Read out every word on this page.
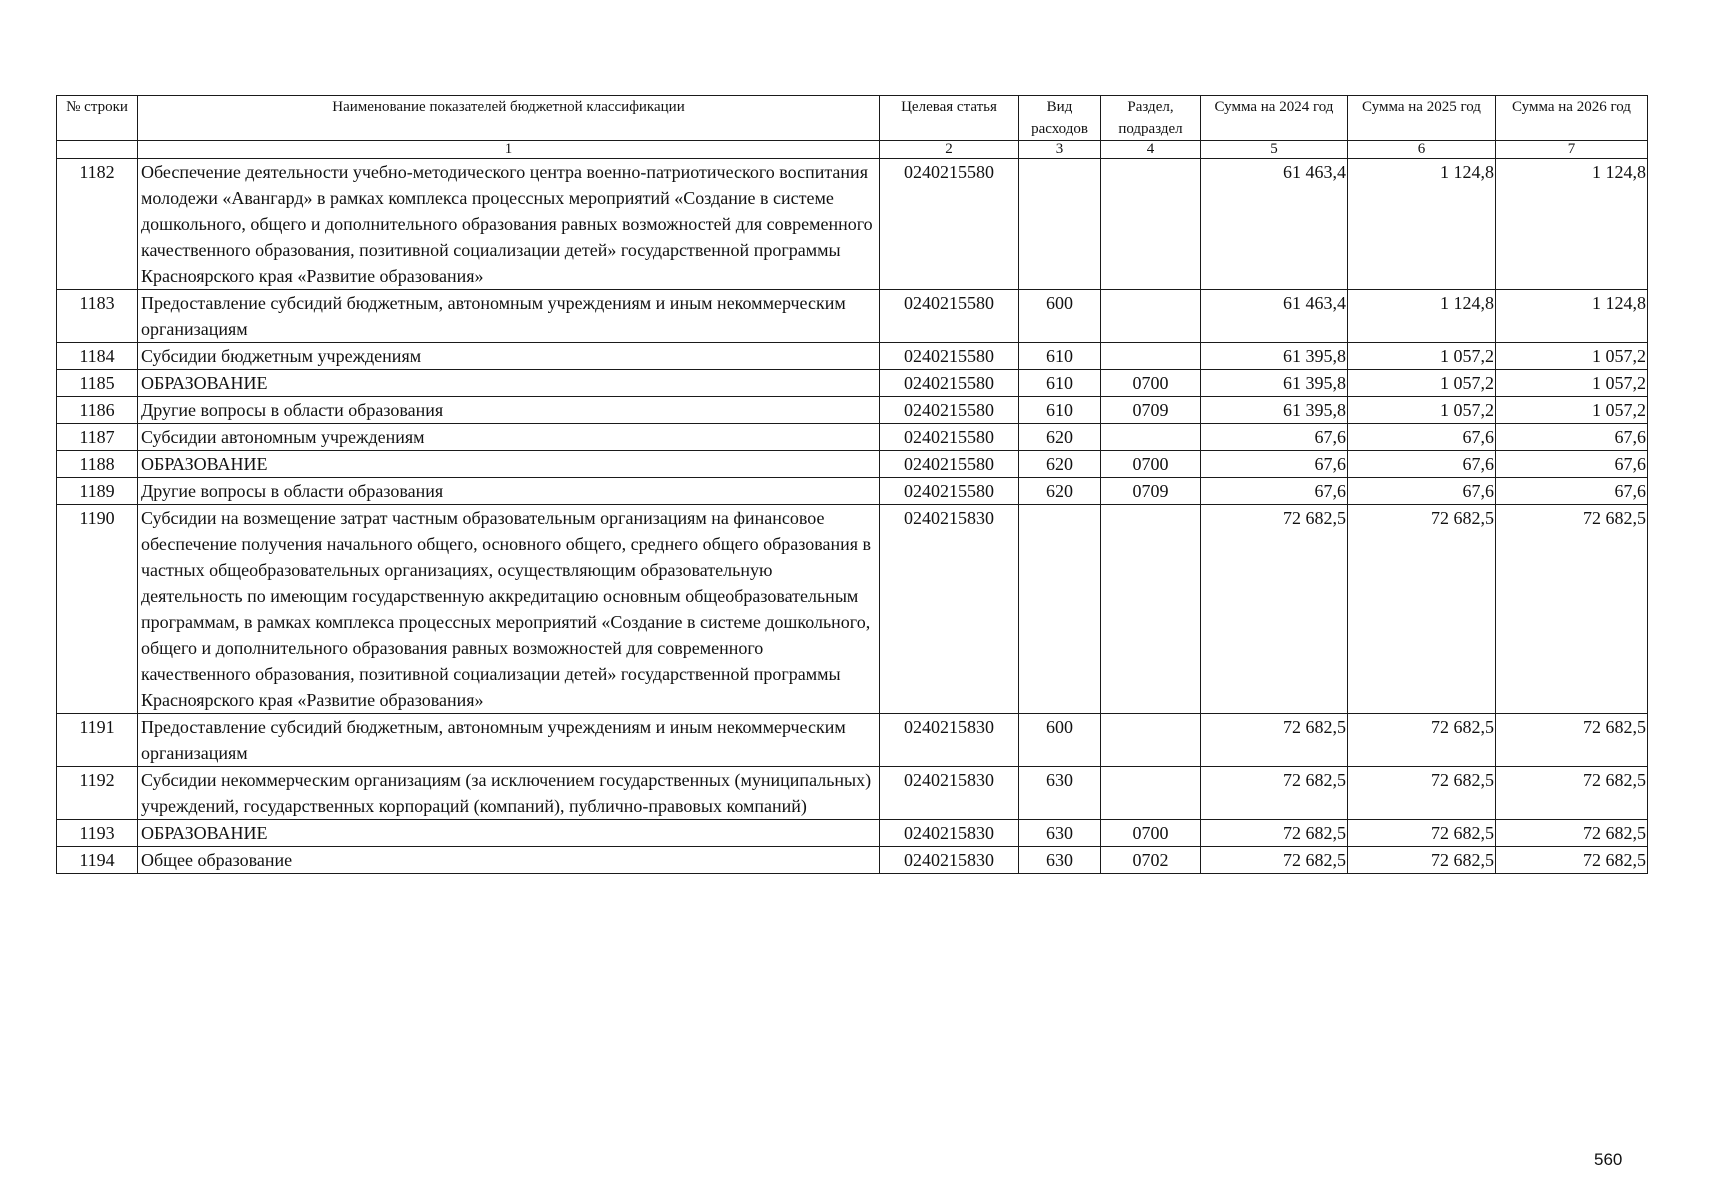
№ строки	Наименование показателей бюджетной классификации	Целевая статья	Вид расходов	Раздел, подраздел	Сумма на 2024 год	Сумма на 2025 год	Сумма на 2026 год
	1	2	3	4	5	6	7
1182	Обеспечение деятельности учебно-методического центра военно-патриотического воспитания молодежи «Авангард» в рамках комплекса процессных мероприятий «Создание в системе дошкольного, общего и дополнительного образования равных возможностей для современного качественного образования, позитивной социализации детей» государственной программы Красноярского края «Развитие образования»	0240215580			61 463,4	1 124,8	1 124,8
1183	Предоставление субсидий бюджетным, автономным учреждениям и иным некоммерческим организациям	0240215580	600		61 463,4	1 124,8	1 124,8
1184	Субсидии бюджетным учреждениям	0240215580	610		61 395,8	1 057,2	1 057,2
1185	ОБРАЗОВАНИЕ	0240215580	610	0700	61 395,8	1 057,2	1 057,2
1186	Другие вопросы в области образования	0240215580	610	0709	61 395,8	1 057,2	1 057,2
1187	Субсидии автономным учреждениям	0240215580	620		67,6	67,6	67,6
1188	ОБРАЗОВАНИЕ	0240215580	620	0700	67,6	67,6	67,6
1189	Другие вопросы в области образования	0240215580	620	0709	67,6	67,6	67,6
1190	Субсидии на возмещение затрат частным образовательным организациям на финансовое обеспечение получения начального общего, основного общего, среднего общего образования в частных общеобразовательных организациях, осуществляющим образовательную деятельность по имеющим государственную аккредитацию основным общеобразовательным программам, в рамках комплекса процессных мероприятий «Создание в системе дошкольного, общего и дополнительного образования равных возможностей для современного качественного образования, позитивной социализации детей» государственной программы Красноярского края «Развитие образования»	0240215830			72 682,5	72 682,5	72 682,5
1191	Предоставление субсидий бюджетным, автономным учреждениям и иным некоммерческим организациям	0240215830	600		72 682,5	72 682,5	72 682,5
1192	Субсидии некоммерческим организациям (за исключением государственных (муниципальных) учреждений, государственных корпораций (компаний), публично-правовых компаний)	0240215830	630		72 682,5	72 682,5	72 682,5
1193	ОБРАЗОВАНИЕ	0240215830	630	0700	72 682,5	72 682,5	72 682,5
1194	Общее образование	0240215830	630	0702	72 682,5	72 682,5	72 682,5
560
